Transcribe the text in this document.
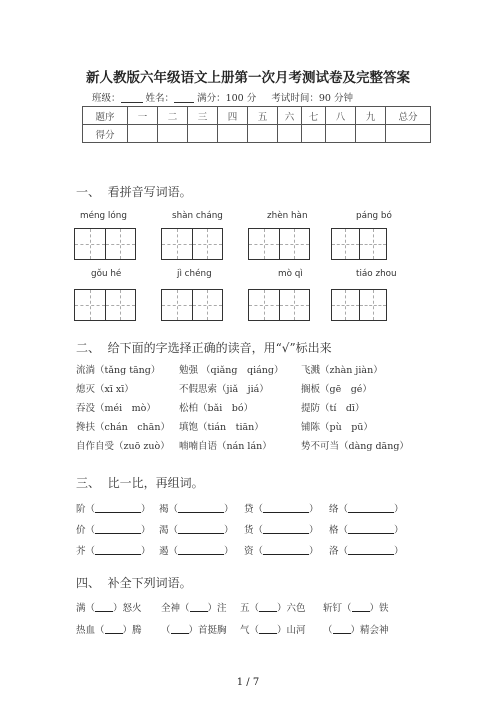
新人教版六年级语文上册第一次月考测试卷及完整答案
班级：	姓名： 满分：100 分 考试时间：90 分钟
题序	一	二	三	四	五	六	七	八	九	总分
得分										
一、 看拼音写词语。
méng lóng	shàn cháng	zhèn hàn	páng bó
gǒu hé	jì chéng	mò qì	tiáo zhou
二、 给下面的字选择正确的读音，用“√”标出来
流淌（tǎng tāng） 勉强 （qiǎng　qiáng） 飞溅（zhàn jiàn）
熄灭（xī xī）	不假思索（jiǎ　jiá）	搁板（gē　gé）
吞没（méi　mò） 松柏（bǎi　bó）	提防（tí　dī）
搀扶（chán　chān） 填饱（tián　tiān）	铺陈（pù　pū）
自作自受（zuō zuò） 喃喃自语（nán lán）	势不可当（dàng dāng）
三、 比一比，再组词。
阶（	） 褐（	） 贷（	） 络（	）
价（	） 渴（	） 货（	） 格（	）
芥（	） 遏（	） 资（	） 洛（	）
四、 补全下列词语。
满（ ）怒火 全神（ ）注 五（ ）六色 斩钉（ ）铁
热血（ ）腾 （ ）首挺胸 气（ ）山河 （ ）精会神
1 / 7
